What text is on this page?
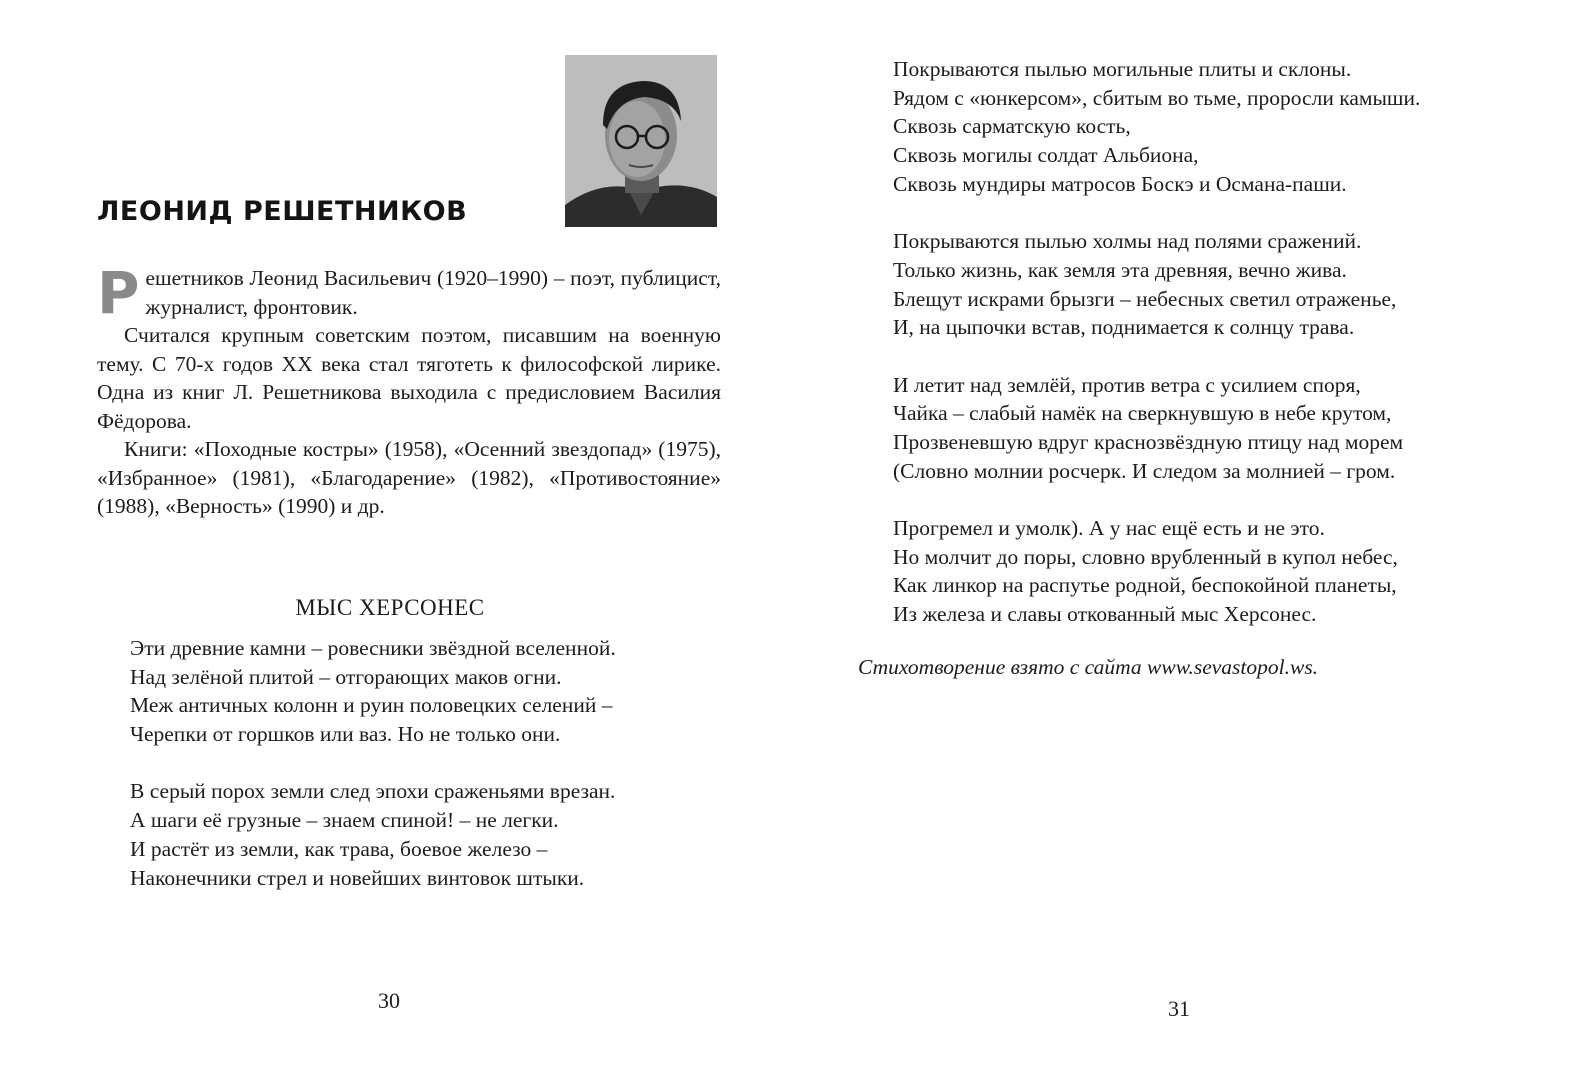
ЛЕОНИД РЕШЕТНИКОВ

Решетников Леонид Васильевич (1920–1990) – поэт, публицист, журналист, фронтовик.

Считался крупным советским поэтом, писавшим на военную тему. С 70-х годов XX века стал тяготеть к философской лирике. Одна из книг Л. Решетникова выходила с предисловием Василия Фёдорова.

Книги: «Походные костры» (1958), «Осенний звездопад» (1975), «Избранное» (1981), «Благодарение» (1982), «Противостояние» (1988), «Верность» (1990) и др.

МЫС ХЕРСОНЕС
Эти древние камни – ровесники звёздной вселенной.
Над зелёной плитой – отгорающих маков огни.
Меж античных колонн и руин половецких селений –
Черепки от горшков или ваз. Но не только они.
В серый порох земли след эпохи сраженьями врезан.
А шаги её грузные – знаем спиной! – не легки.
И растёт из земли, как трава, боевое железо –
Наконечники стрел и новейших винтовок штыки.
30
Покрываются пылью могильные плиты и склоны.
Рядом с «юнкерсом», сбитым во тьме, проросли камыши.
Сквозь сарматскую кость,
Сквозь могилы солдат Альбиона,
Сквозь мундиры матросов Боскэ и Османа-паши.
Покрываются пылью холмы над полями сражений.
Только жизнь, как земля эта древняя, вечно жива.
Блещут искрами брызги – небесных светил отраженье,
И, на цыпочки встав, поднимается к солнцу трава.
И летит над землёй, против ветра с усилием споря,
Чайка – слабый намёк на сверкнувшую в небе крутом,
Прозвеневшую вдруг краснозвёздную птицу над морем
(Словно молнии росчерк. И следом за молнией – гром.
Прогремел и умолк). А у нас ещё есть и не это.
Но молчит до поры, словно врубленный в купол небес,
Как линкор на распутье родной, беспокойной планеты,
Из железа и славы откованный мыс Херсонес.

Стихотворение взято с сайта www.sevastopol.ws.

31
